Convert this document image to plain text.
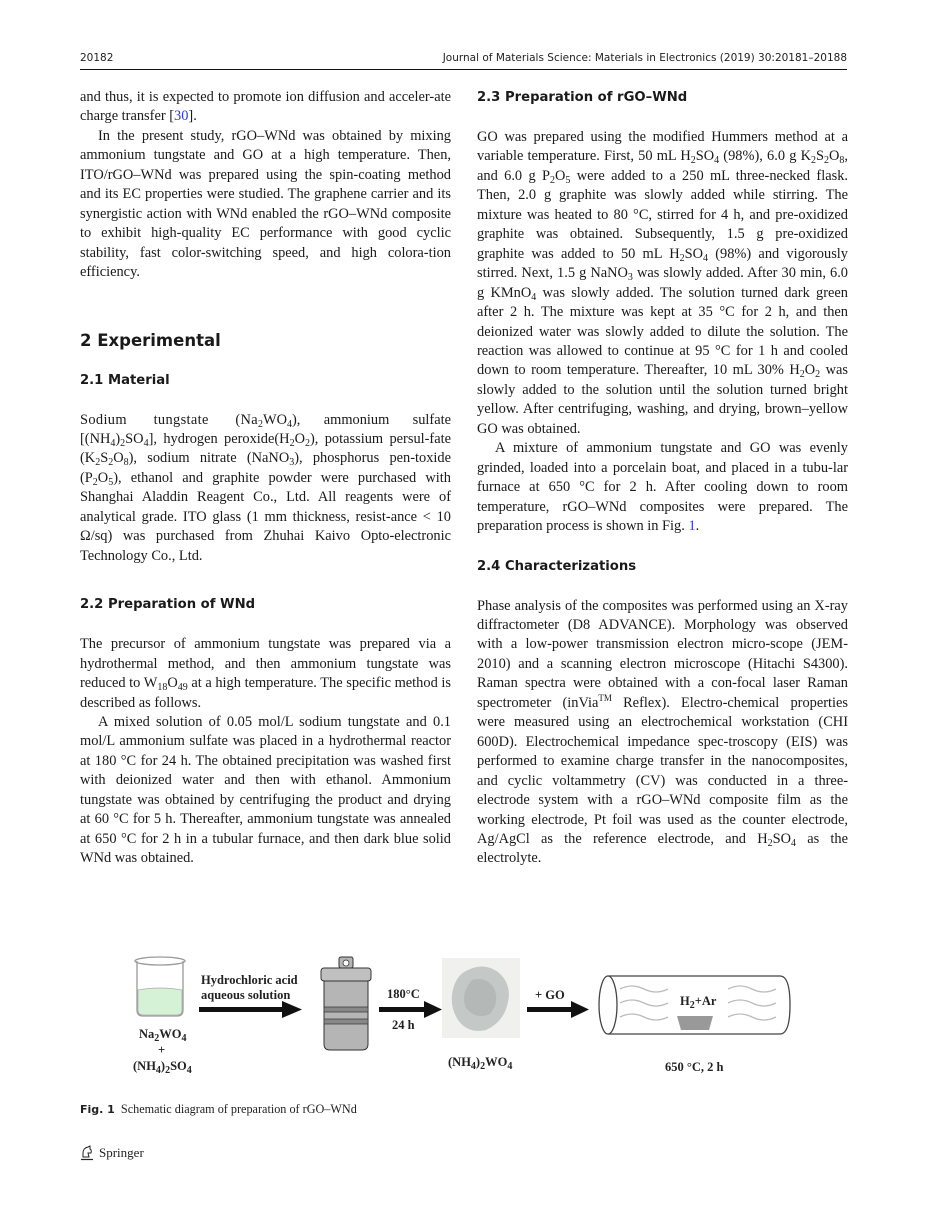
20182	Journal of Materials Science: Materials in Electronics (2019) 30:20181–20188

and thus, it is expected to promote ion diffusion and acceler-ate charge transfer [30].

In the present study, rGO–WNd was obtained by mixing ammonium tungstate and GO at a high temperature. Then, ITO/rGO–WNd was prepared using the spin-coating method and its EC properties were studied. The graphene carrier and its synergistic action with WNd enabled the rGO–WNd composite to exhibit high-quality EC performance with good cyclic stability, fast color-switching speed, and high colora-tion efficiency.

2 Experimental
2.1 Material

Sodium tungstate $(Na_2WO_4)$, ammonium sulfate $[(NH_4)_2SO_4]$, hydrogen $peroxide(H_2O_2)$, potassium persul-fate $(K_2S_2O_8)$, sodium nitrate (NaNO$_3$), phosphorus pen-toxide $(P_2O_5)$, ethanol and graphite powder were purchased with Shanghai Aladdin Reagent Co., Ltd. All reagents were of analytical grade. ITO glass (1 mm thickness, resist-ance < 10 Ω/sq) was purchased from Zhuhai Kaivo Opto-electronic Technology Co., Ltd.

2.2 Preparation of WNd

The precursor of ammonium tungstate was prepared via a hydrothermal method, and then ammonium tungstate was reduced to $W_{18}O_{49}$ at a high temperature. The specific method is described as follows.

A mixed solution of 0.05 mol/L sodium tungstate and 0.1 mol/L ammonium sulfate was placed in a hydrothermal reactor at 180 °C for 24 h. The obtained precipitation was washed first with deionized water and then with ethanol. Ammonium tungstate was obtained by centrifuging the product and drying at 60 °C for 5 h. Thereafter, ammonium tungstate was annealed at 650 °C for 2 h in a tubular furnace, and then dark blue solid WNd was obtained.

2.3 Preparation of rGO–WNd

GO was prepared using the modified Hummers method at a variable temperature. First, 50 mL $H_2SO_4$ (98%), 6.0 g $K_2S_2O_8$, and 6.0 g $P_2O_5$ were added to a 250 mL three-necked flask. Then, 2.0 g graphite was slowly added while stirring. The mixture was heated to 80 °C, stirred for 4 h, and pre-oxidized graphite was obtained. Subsequently, 1.5 g pre-oxidized graphite was added to 50 mL $H_2SO_4$ (98%) and vigorously stirred. Next, 1.5 g NaNO$_3$ was slowly added. After 30 min, 6.0 g KMnO$_4$ was slowly added. The solution turned dark green after 2 h. The mixture was kept at 35 °C for 2 h, and then deionized water was slowly added to dilute the solution. The reaction was allowed to continue at 95 °C for 1 h and cooled down to room temperature. Thereafter, 10 mL 30% $H_2O_2$ was slowly added to the solution until the solution turned bright yellow. After centrifuging, washing, and drying, brown–yellow GO was obtained.

A mixture of ammonium tungstate and GO was evenly grinded, loaded into a porcelain boat, and placed in a tubu-lar furnace at 650 °C for 2 h. After cooling down to room temperature, rGO–WNd composites were prepared. The preparation process is shown in Fig. 1.

2.4 Characterizations

Phase analysis of the composites was performed using an X-ray diffractometer (D8 ADVANCE). Morphology was observed with a low-power transmission electron micro-scope (JEM-2010) and a scanning electron microscope (Hitachi S4300). Raman spectra were obtained with a con-focal laser Raman spectrometer (inVia™ Reflex). Electro-chemical properties were measured using an electrochemical workstation (CHI 600D). Electrochemical impedance spec-troscopy (EIS) was performed to examine charge transfer in the nanocomposites, and cyclic voltammetry (CV) was conducted in a three-electrode system with a rGO–WNd composite film as the working electrode, Pt foil was used as the counter electrode, Ag/AgCl as the reference electrode, and $H_2SO_4$ as the electrolyte.

$Na_2WO_4$
+
$(NH_4)_2SO_4$
Hydrochloric acid
aqueous solution	180°C
24 h
$(NH_4)_2WO_4$
+ GO	$H_2+Ar$
650 °C, 2 h
Fig. 1 Schematic diagram of preparation of rGO–WNd
Springer
